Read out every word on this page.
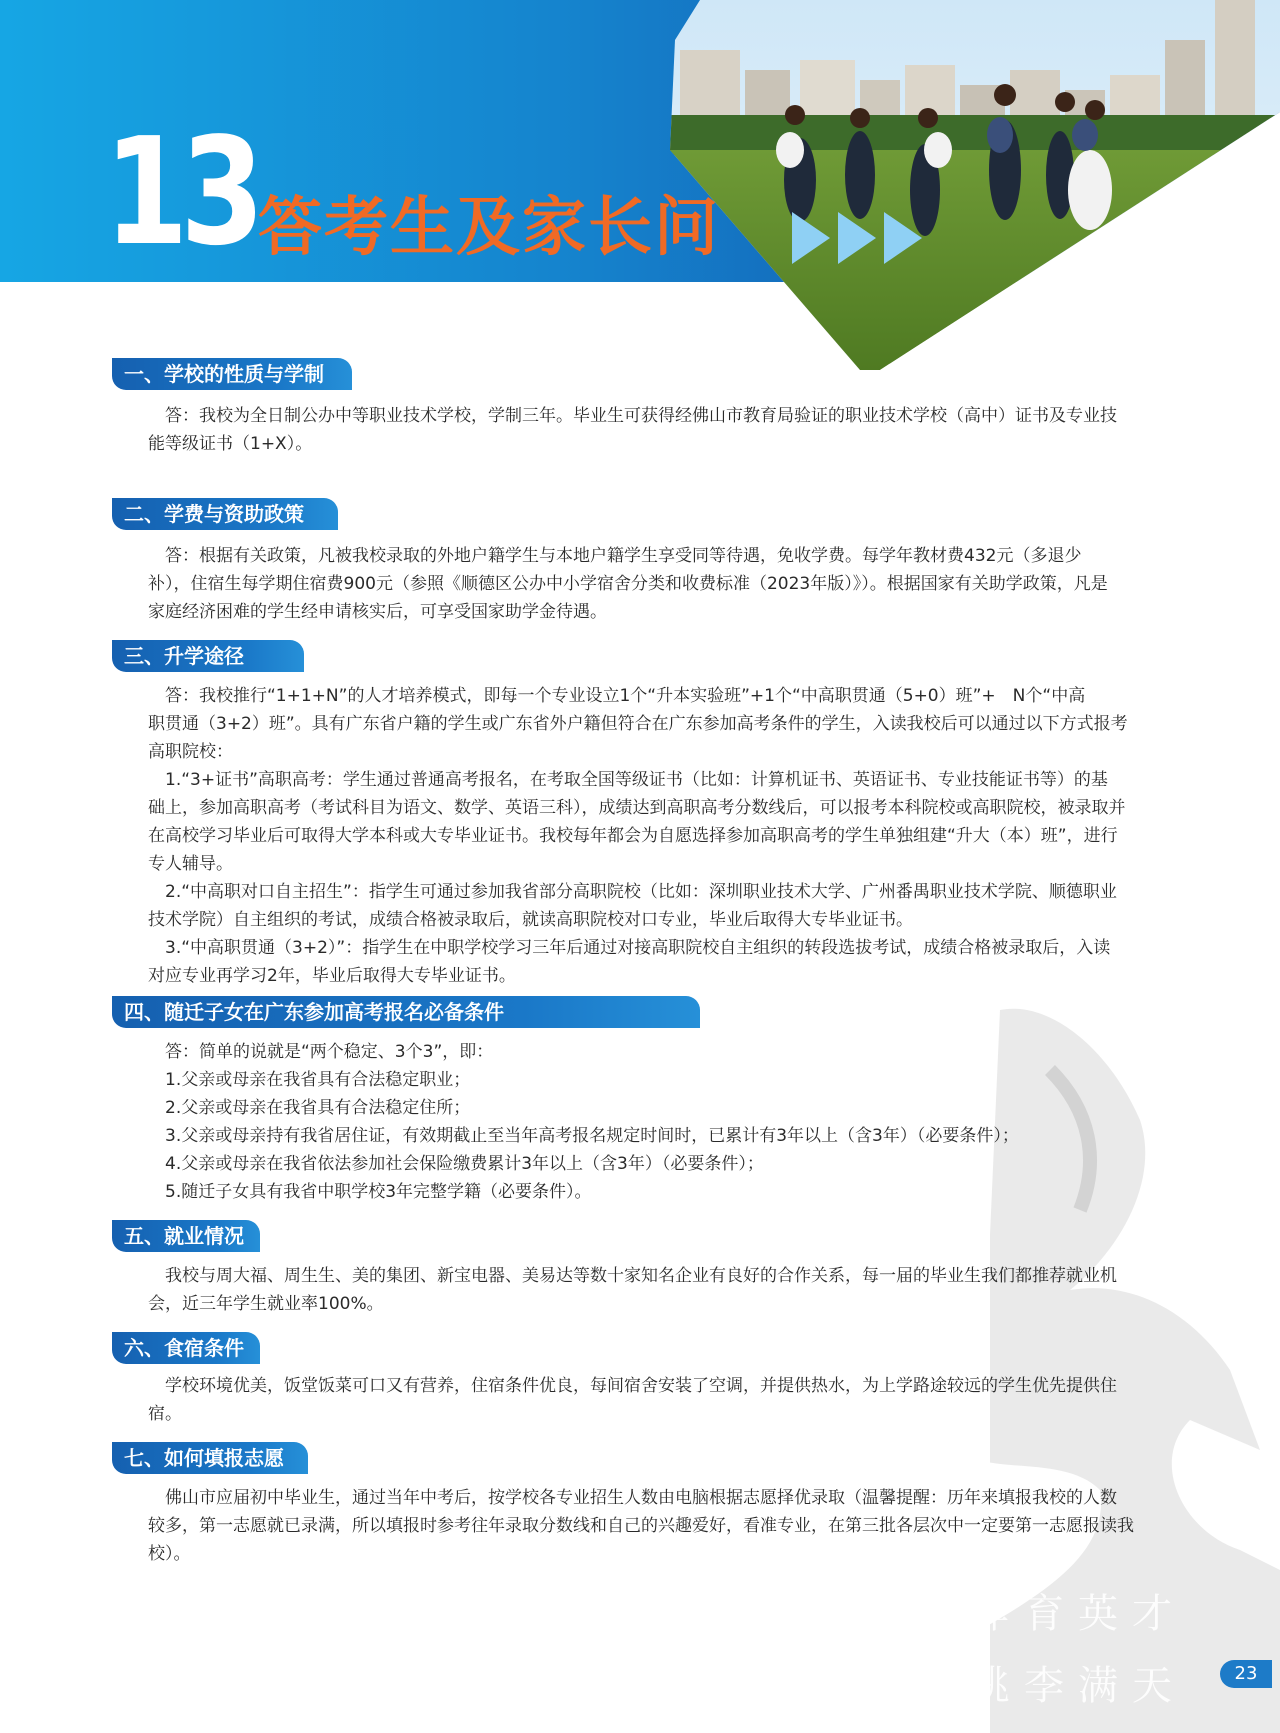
13 答考生及家长问
一、学校的性质与学制
答：我校为全日制公办中等职业技术学校，学制三年。毕业生可获得经佛山市教育局验证的职业技术学校（高中）证书及专业技
能等级证书（1+X）。
二、学费与资助政策
答：根据有关政策，凡被我校录取的外地户籍学生与本地户籍学生享受同等待遇，免收学费。每学年教材费432元（多退少
补），住宿生每学期住宿费900元（参照《顺德区公办中小学宿舍分类和收费标准（2023年版）》）。根据国家有关助学政策，凡是
家庭经济困难的学生经申请核实后，可享受国家助学金待遇。
三、升学途径
答：我校推行“1+1+N”的人才培养模式，即每一个专业设立1个“升本实验班”+1个“中高职贯通（5+0）班”+　N个“中高
职贯通（3+2）班”。具有广东省户籍的学生或广东省外户籍但符合在广东参加高考条件的学生，入读我校后可以通过以下方式报考
高职院校：
1.“3+证书”高职高考：学生通过普通高考报名，在考取全国等级证书（比如：计算机证书、英语证书、专业技能证书等）的基
础上，参加高职高考（考试科目为语文、数学、英语三科），成绩达到高职高考分数线后，可以报考本科院校或高职院校，被录取并
在高校学习毕业后可取得大学本科或大专毕业证书。我校每年都会为自愿选择参加高职高考的学生单独组建“升大（本）班”，进行
专人辅导。
2.“中高职对口自主招生”：指学生可通过参加我省部分高职院校（比如：深圳职业技术大学、广州番禺职业技术学院、顺德职业
技术学院）自主组织的考试，成绩合格被录取后，就读高职院校对口专业，毕业后取得大专毕业证书。
3.“中高职贯通（3+2）”：指学生在中职学校学习三年后通过对接高职院校自主组织的转段选拔考试，成绩合格被录取后，入读
对应专业再学习2年，毕业后取得大专毕业证书。
四、随迁子女在广东参加高考报名必备条件
答：简单的说就是“两个稳定、3个3”，即：
1.父亲或母亲在我省具有合法稳定职业；
2.父亲或母亲在我省具有合法稳定住所；
3.父亲或母亲持有我省居住证，有效期截止至当年高考报名规定时间时，已累计有3年以上（含3年）（必要条件）；
4.父亲或母亲在我省依法参加社会保险缴费累计3年以上（含3年）（必要条件）；
5.随迁子女具有我省中职学校3年完整学籍（必要条件）。
五、就业情况
我校与周大福、周生生、美的集团、新宝电器、美易达等数十家知名企业有良好的合作关系，每一届的毕业生我们都推荐就业机
会，近三年学生就业率100%。
六、食宿条件
学校环境优美，饭堂饭菜可口又有营养，住宿条件优良，每间宿舍安装了空调，并提供热水，为上学路途较远的学生优先提供住
宿。
七、如何填报志愿
佛山市应届初中毕业生，通过当年中考后，按学校各专业招生人数由电脑根据志愿择优录取（温馨提醒：历年来填报我校的人数
较多，第一志愿就已录满，所以填报时参考往年录取分数线和自己的兴趣爱好，看准专业，在第三批各层次中一定要第一志愿报读我
校）。
作育英才
桃李满天	23
